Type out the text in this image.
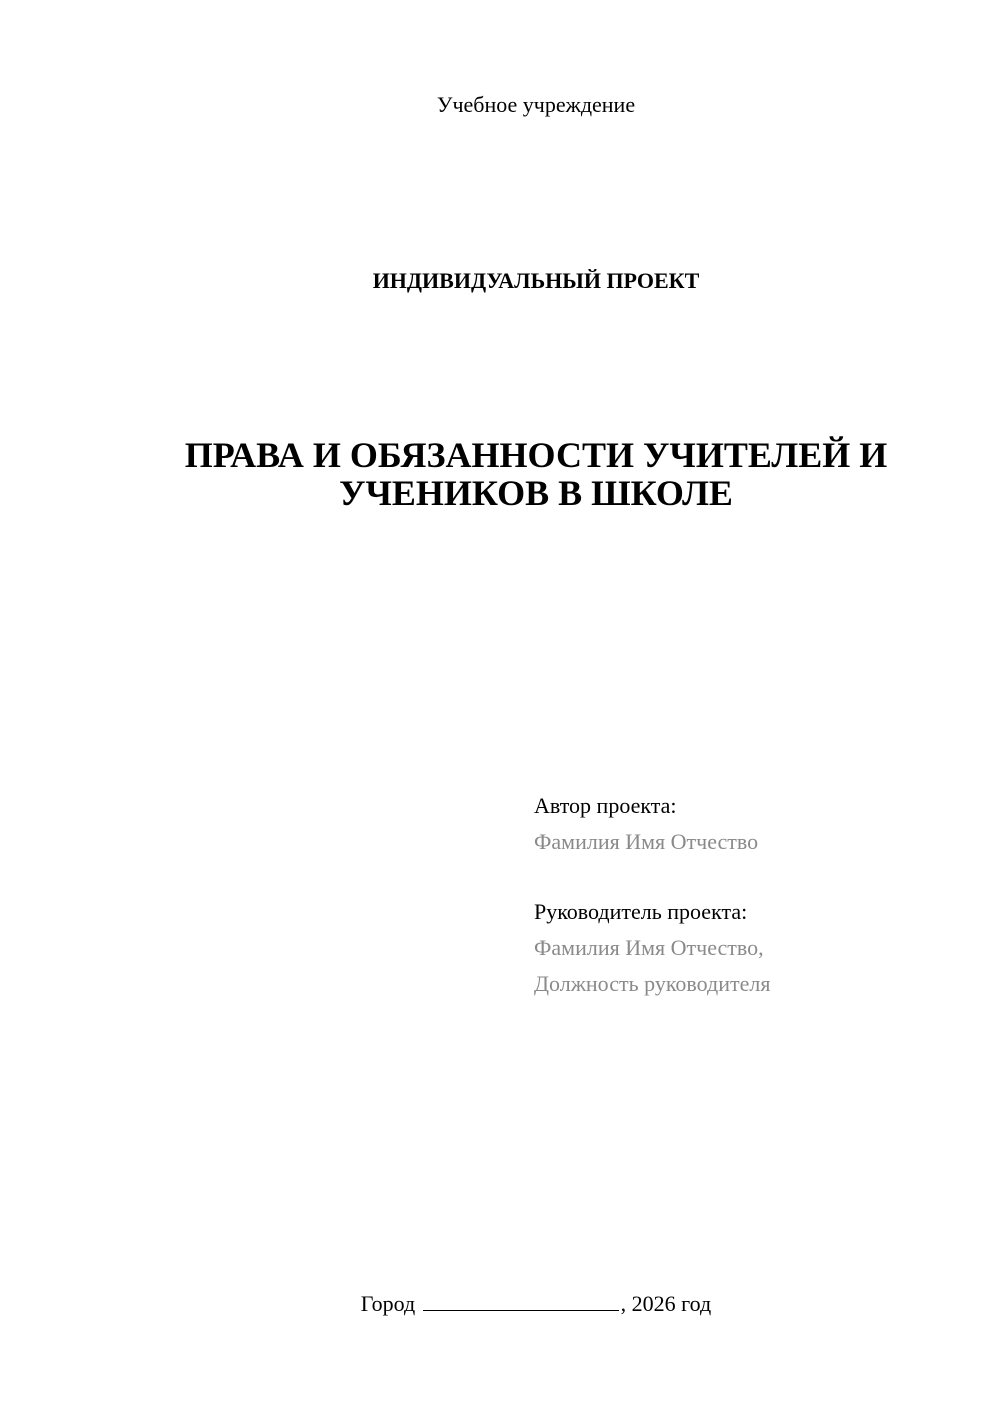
Учебное учреждение
ИНДИВИДУАЛЬНЫЙ ПРОЕКТ
ПРАВА И ОБЯЗАННОСТИ УЧИТЕЛЕЙ И
УЧЕНИКОВ В ШКОЛЕ
Автор проекта:
Фамилия Имя Отчество
Руководитель проекта:
Фамилия Имя Отчество,
Должность руководителя
Город	, 2026 год
